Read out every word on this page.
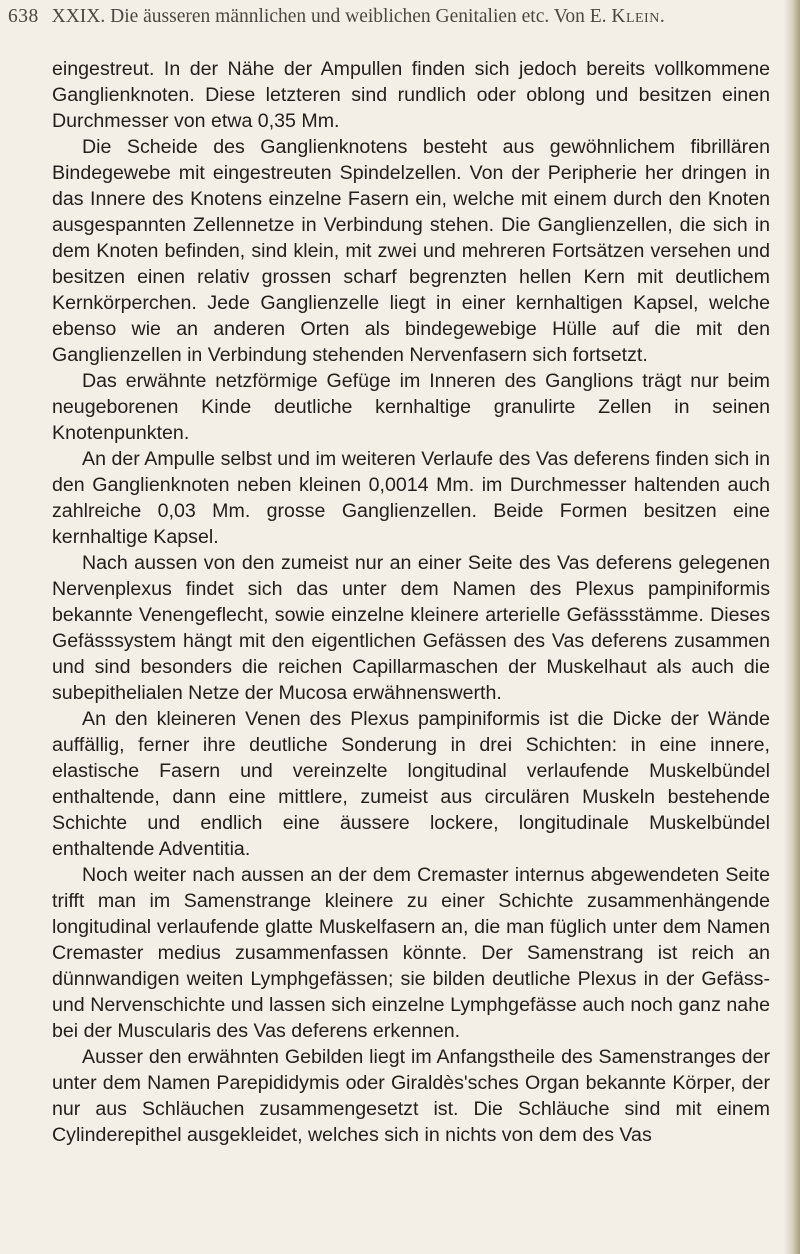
638 XXIX. Die äusseren männlichen und weiblichen Genitalien etc. Von E. Klein.

eingestreut. In der Nähe der Ampullen finden sich jedoch bereits vollkommene Ganglienknoten. Diese letzteren sind rundlich oder oblong und besitzen einen Durchmesser von etwa 0,35 Mm.

Die Scheide des Ganglienknotens besteht aus gewöhnlichem fibrillären Bindegewebe mit eingestreuten Spindelzellen. Von der Peripherie her dringen in das Innere des Knotens einzelne Fasern ein, welche mit einem durch den Knoten ausgespannten Zellennetze in Verbindung stehen. Die Ganglienzellen, die sich in dem Knoten befinden, sind klein, mit zwei und mehreren Fortsätzen versehen und besitzen einen relativ grossen scharf begrenzten hellen Kern mit deutlichem Kernkörperchen. Jede Ganglienzelle liegt in einer kernhaltigen Kapsel, welche ebenso wie an anderen Orten als bindegewebige Hülle auf die mit den Ganglienzellen in Verbindung stehenden Nervenfasern sich fortsetzt.

Das erwähnte netzförmige Gefüge im Inneren des Ganglions trägt nur beim neugeborenen Kinde deutliche kernhaltige granulirte Zellen in seinen Knotenpunkten.

An der Ampulle selbst und im weiteren Verlaufe des Vas deferens finden sich in den Ganglienknoten neben kleinen 0,0014 Mm. im Durchmesser haltenden auch zahlreiche 0,03 Mm. grosse Ganglienzellen. Beide Formen besitzen eine kernhaltige Kapsel.

Nach aussen von den zumeist nur an einer Seite des Vas deferens gelegenen Nervenplexus findet sich das unter dem Namen des Plexus pampiniformis bekannte Venengeflecht, sowie einzelne kleinere arterielle Gefässstämme. Dieses Gefässsystem hängt mit den eigentlichen Gefässen des Vas deferens zusammen und sind besonders die reichen Capillarmaschen der Muskelhaut als auch die subepithelialen Netze der Mucosa erwähnenswerth.

An den kleineren Venen des Plexus pampiniformis ist die Dicke der Wände auffällig, ferner ihre deutliche Sonderung in drei Schichten: in eine innere, elastische Fasern und vereinzelte longitudinal verlaufende Muskelbündel enthaltende, dann eine mittlere, zumeist aus circulären Muskeln bestehende Schichte und endlich eine äussere lockere, longitudinale Muskelbündel enthaltende Adventitia.

Noch weiter nach aussen an der dem Cremaster internus abgewendeten Seite trifft man im Samenstrange kleinere zu einer Schichte zusammenhängende longitudinal verlaufende glatte Muskelfasern an, die man füglich unter dem Namen Cremaster medius zusammenfassen könnte. Der Samenstrang ist reich an dünnwandigen weiten Lymphgefässen; sie bilden deutliche Plexus in der Gefäss- und Nervenschichte und lassen sich einzelne Lymphgefässe auch noch ganz nahe bei der Muscularis des Vas deferens erkennen.

Ausser den erwähnten Gebilden liegt im Anfangstheile des Samenstranges der unter dem Namen Parepididymis oder Giraldès'sches Organ bekannte Körper, der nur aus Schläuchen zusammengesetzt ist. Die Schläuche sind mit einem Cylinderepithel ausgekleidet, welches sich in nichts von dem des Vas
